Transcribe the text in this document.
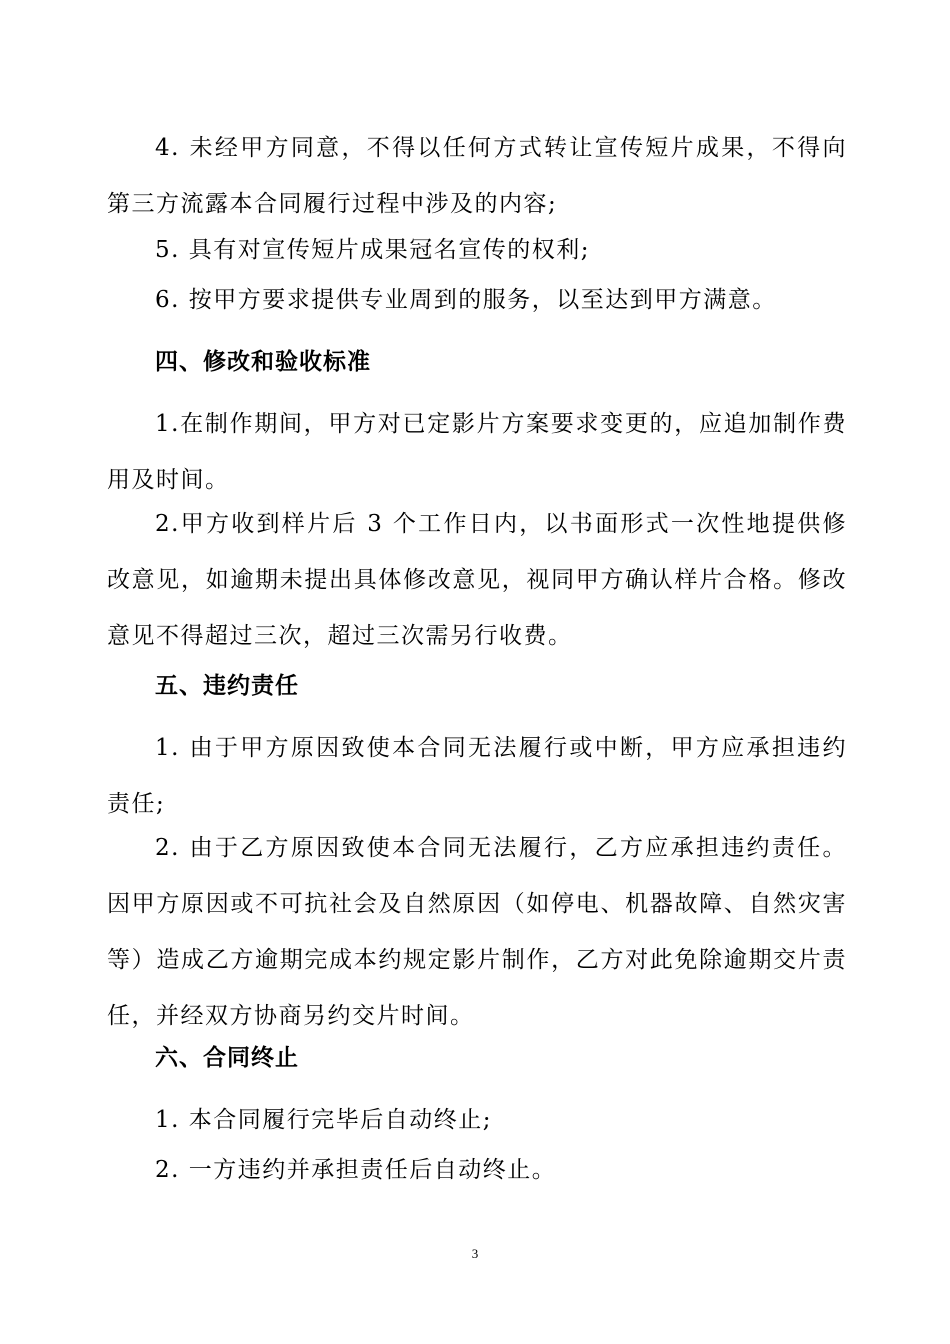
4. 未经甲方同意，不得以任何方式转让宣传短片成果，不得向第三方流露本合同履行过程中涉及的内容;

5. 具有对宣传短片成果冠名宣传的权利;

6. 按甲方要求提供专业周到的服务，以至达到甲方满意。

四、修改和验收标准

1.在制作期间，甲方对已定影片方案要求变更的，应追加制作费用及时间。

2.甲方收到样片后 3 个工作日内，以书面形式一次性地提供修改意见，如逾期未提出具体修改意见，视同甲方确认样片合格。修改意见不得超过三次，超过三次需另行收费。

五、违约责任

1. 由于甲方原因致使本合同无法履行或中断，甲方应承担违约责任;

2. 由于乙方原因致使本合同无法履行，乙方应承担违约责任。因甲方原因或不可抗社会及自然原因（如停电、机器故障、自然灾害等）造成乙方逾期完成本约规定影片制作，乙方对此免除逾期交片责任，并经双方协商另约交片时间。

六、合同终止

1. 本合同履行完毕后自动终止;

2. 一方违约并承担责任后自动终止。

3
